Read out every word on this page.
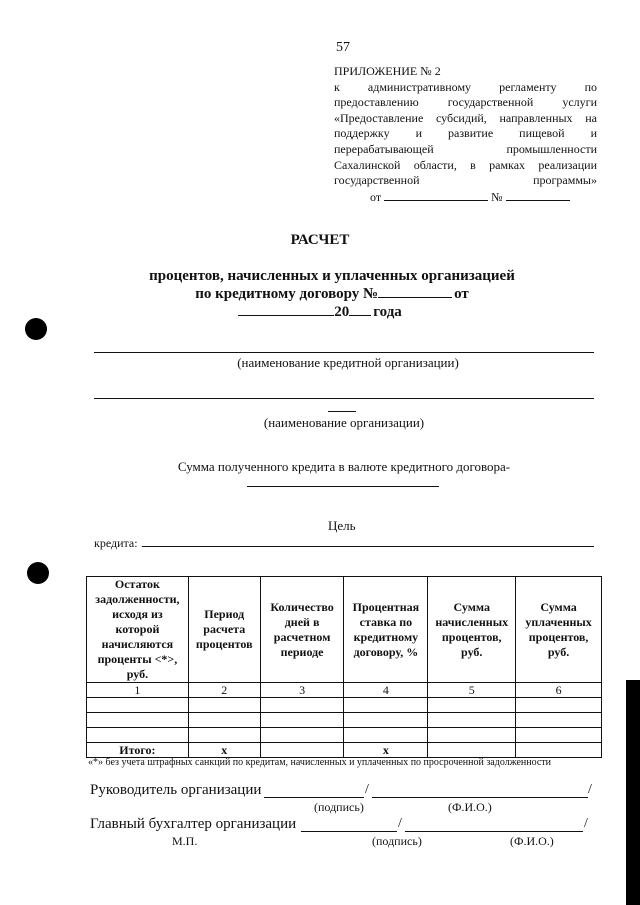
57
ПРИЛОЖЕНИЕ № 2
к административному регламенту по
предоставлению государственной услуги
«Предоставление субсидий, направленных на
поддержку и развитие пищевой и
перерабатывающей промышленности
Сахалинской области, в рамках реализации
государственной программы»
от	№
РАСЧЕТ
процентов, начисленных и уплаченных организацией
по кредитному договору №	от
20 года
(наименование кредитной организации)
(наименование организации)
Сумма полученного кредита в валюте кредитного договора-
Цель
кредита:
Остаток задолженности, исходя из которой начисляются проценты <*>, руб.	Период расчета процентов	Количество дней в расчетном периоде	Процентная ставка по кредитному договору, %	Сумма начисленных процентов, руб.	Сумма уплаченных процентов, руб.
1	2	3	4	5	6

Итого:	х		х		
«*» без учета штрафных санкций по кредитам, начисленных и уплаченных по просроченной задолженности
Руководитель организации	/	/
(подпись)	(Ф.И.О.)
Главный бухгалтер организации	/	/
М.П.	(подпись)	(Ф.И.О.)
